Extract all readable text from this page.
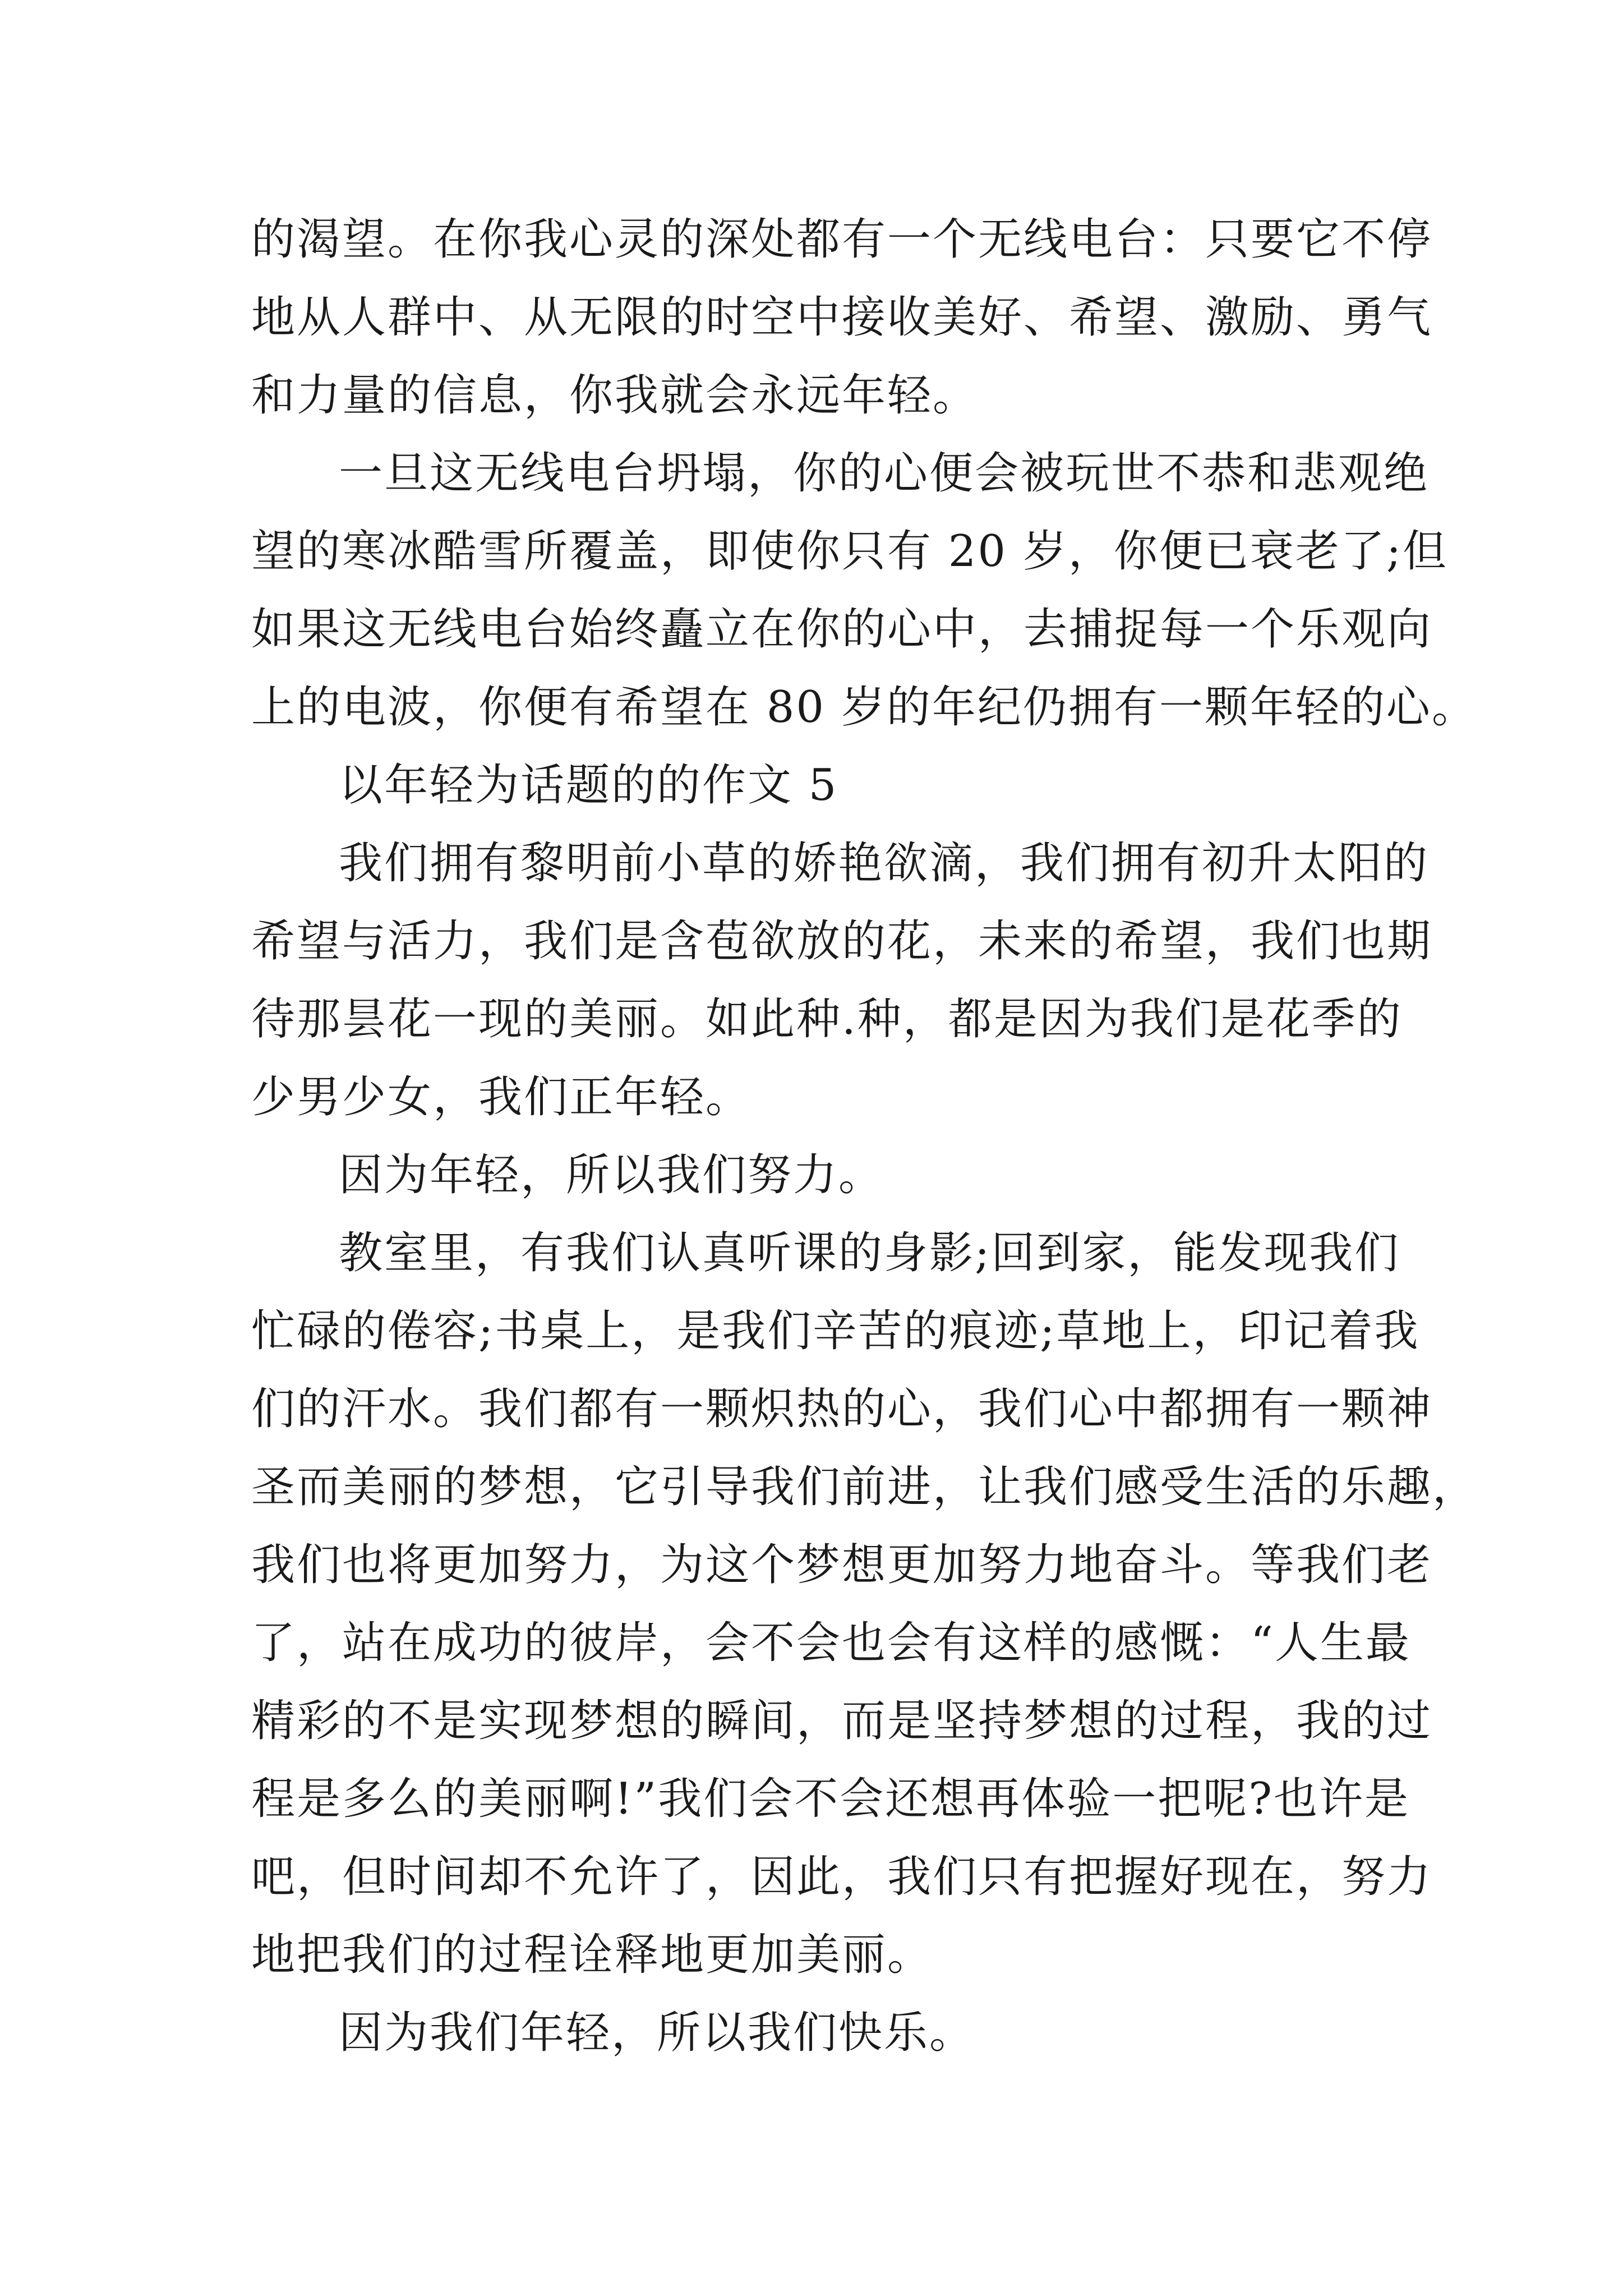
的渴望。在你我心灵的深处都有一个无线电台：只要它不停
地从人群中、从无限的时空中接收美好、希望、激励、勇气
和力量的信息，你我就会永远年轻。
一旦这无线电台坍塌，你的心便会被玩世不恭和悲观绝
望的寒冰酷雪所覆盖，即使你只有 20 岁，你便已衰老了;但
如果这无线电台始终矗立在你的心中，去捕捉每一个乐观向
上的电波，你便有希望在 80 岁的年纪仍拥有一颗年轻的心。
以年轻为话题的的作文 5
我们拥有黎明前小草的娇艳欲滴，我们拥有初升太阳的
希望与活力，我们是含苞欲放的花，未来的希望，我们也期
待那昙花一现的美丽。如此种.种，都是因为我们是花季的
少男少女，我们正年轻。
因为年轻，所以我们努力。
教室里，有我们认真听课的身影;回到家，能发现我们
忙碌的倦容;书桌上，是我们辛苦的痕迹;草地上，印记着我
们的汗水。我们都有一颗炽热的心，我们心中都拥有一颗神
圣而美丽的梦想，它引导我们前进，让我们感受生活的乐趣，
我们也将更加努力，为这个梦想更加努力地奋斗。等我们老
了，站在成功的彼岸，会不会也会有这样的感慨：“人生最
精彩的不是实现梦想的瞬间，而是坚持梦想的过程，我的过
程是多么的美丽啊!”我们会不会还想再体验一把呢?也许是
吧，但时间却不允许了，因此，我们只有把握好现在，努力
地把我们的过程诠释地更加美丽。
因为我们年轻，所以我们快乐。
